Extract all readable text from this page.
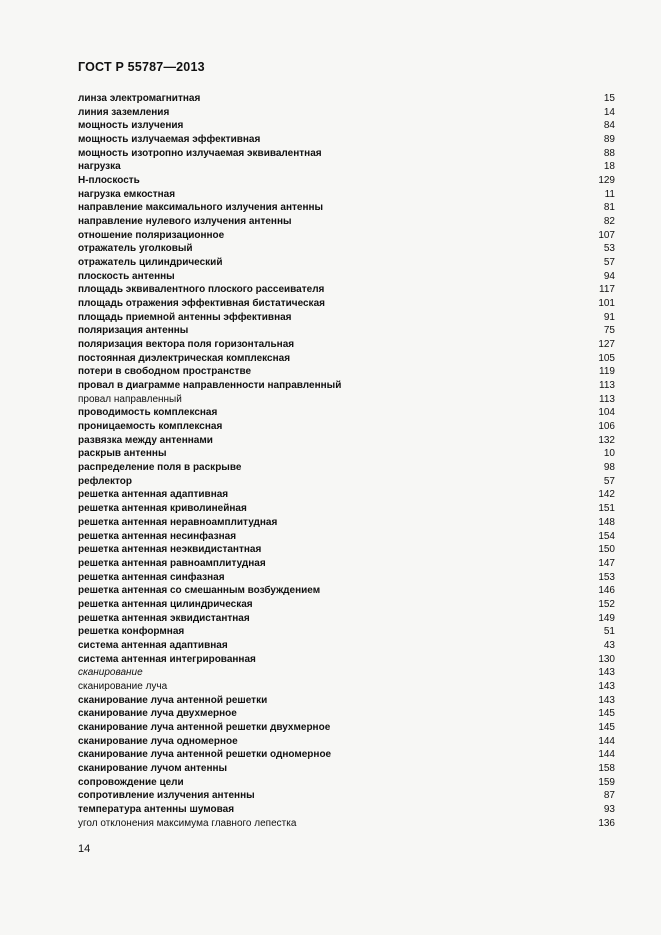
ГОСТ Р 55787—2013
линза электромагнитная	15
линия заземления	14
мощность излучения	84
мощность излучаемая эффективная	89
мощность изотропно излучаемая эквивалентная	88
нагрузка	18
Н-плоскость	129
нагрузка емкостная	11
направление максимального излучения антенны	81
направление нулевого излучения антенны	82
отношение поляризационное	107
отражатель уголковый	53
отражатель цилиндрический	57
плоскость антенны	94
площадь эквивалентного плоского рассеивателя	117
площадь отражения эффективная бистатическая	101
площадь приемной антенны эффективная	91
поляризация антенны	75
поляризация вектора поля горизонтальная	127
постоянная диэлектрическая комплексная	105
потери в свободном пространстве	119
провал в диаграмме направленности направленный	113
провал направленный	113
проводимость комплексная	104
проницаемость комплексная	106
развязка между антеннами	132
раскрыв антенны	10
распределение поля в раскрыве	98
рефлектор	57
решетка антенная адаптивная	142
решетка антенная криволинейная	151
решетка антенная неравноамплитудная	148
решетка антенная несинфазная	154
решетка антенная неэквидистантная	150
решетка антенная равноамплитудная	147
решетка антенная синфазная	153
решетка антенная со смешанным возбуждением	146
решетка антенная цилиндрическая	152
решетка антенная эквидистантная	149
решетка конформная	51
система антенная адаптивная	43
система антенная интегрированная	130
сканирование	143
сканирование луча	143
сканирование луча антенной решетки	143
сканирование луча двухмерное	145
сканирование луча антенной решетки двухмерное	145
сканирование луча одномерное	144
сканирование луча антенной решетки одномерное	144
сканирование лучом антенны	158
сопровождение цели	159
сопротивление излучения антенны	87
температура антенны шумовая	93
угол отклонения максимума главного лепестка	136
14
